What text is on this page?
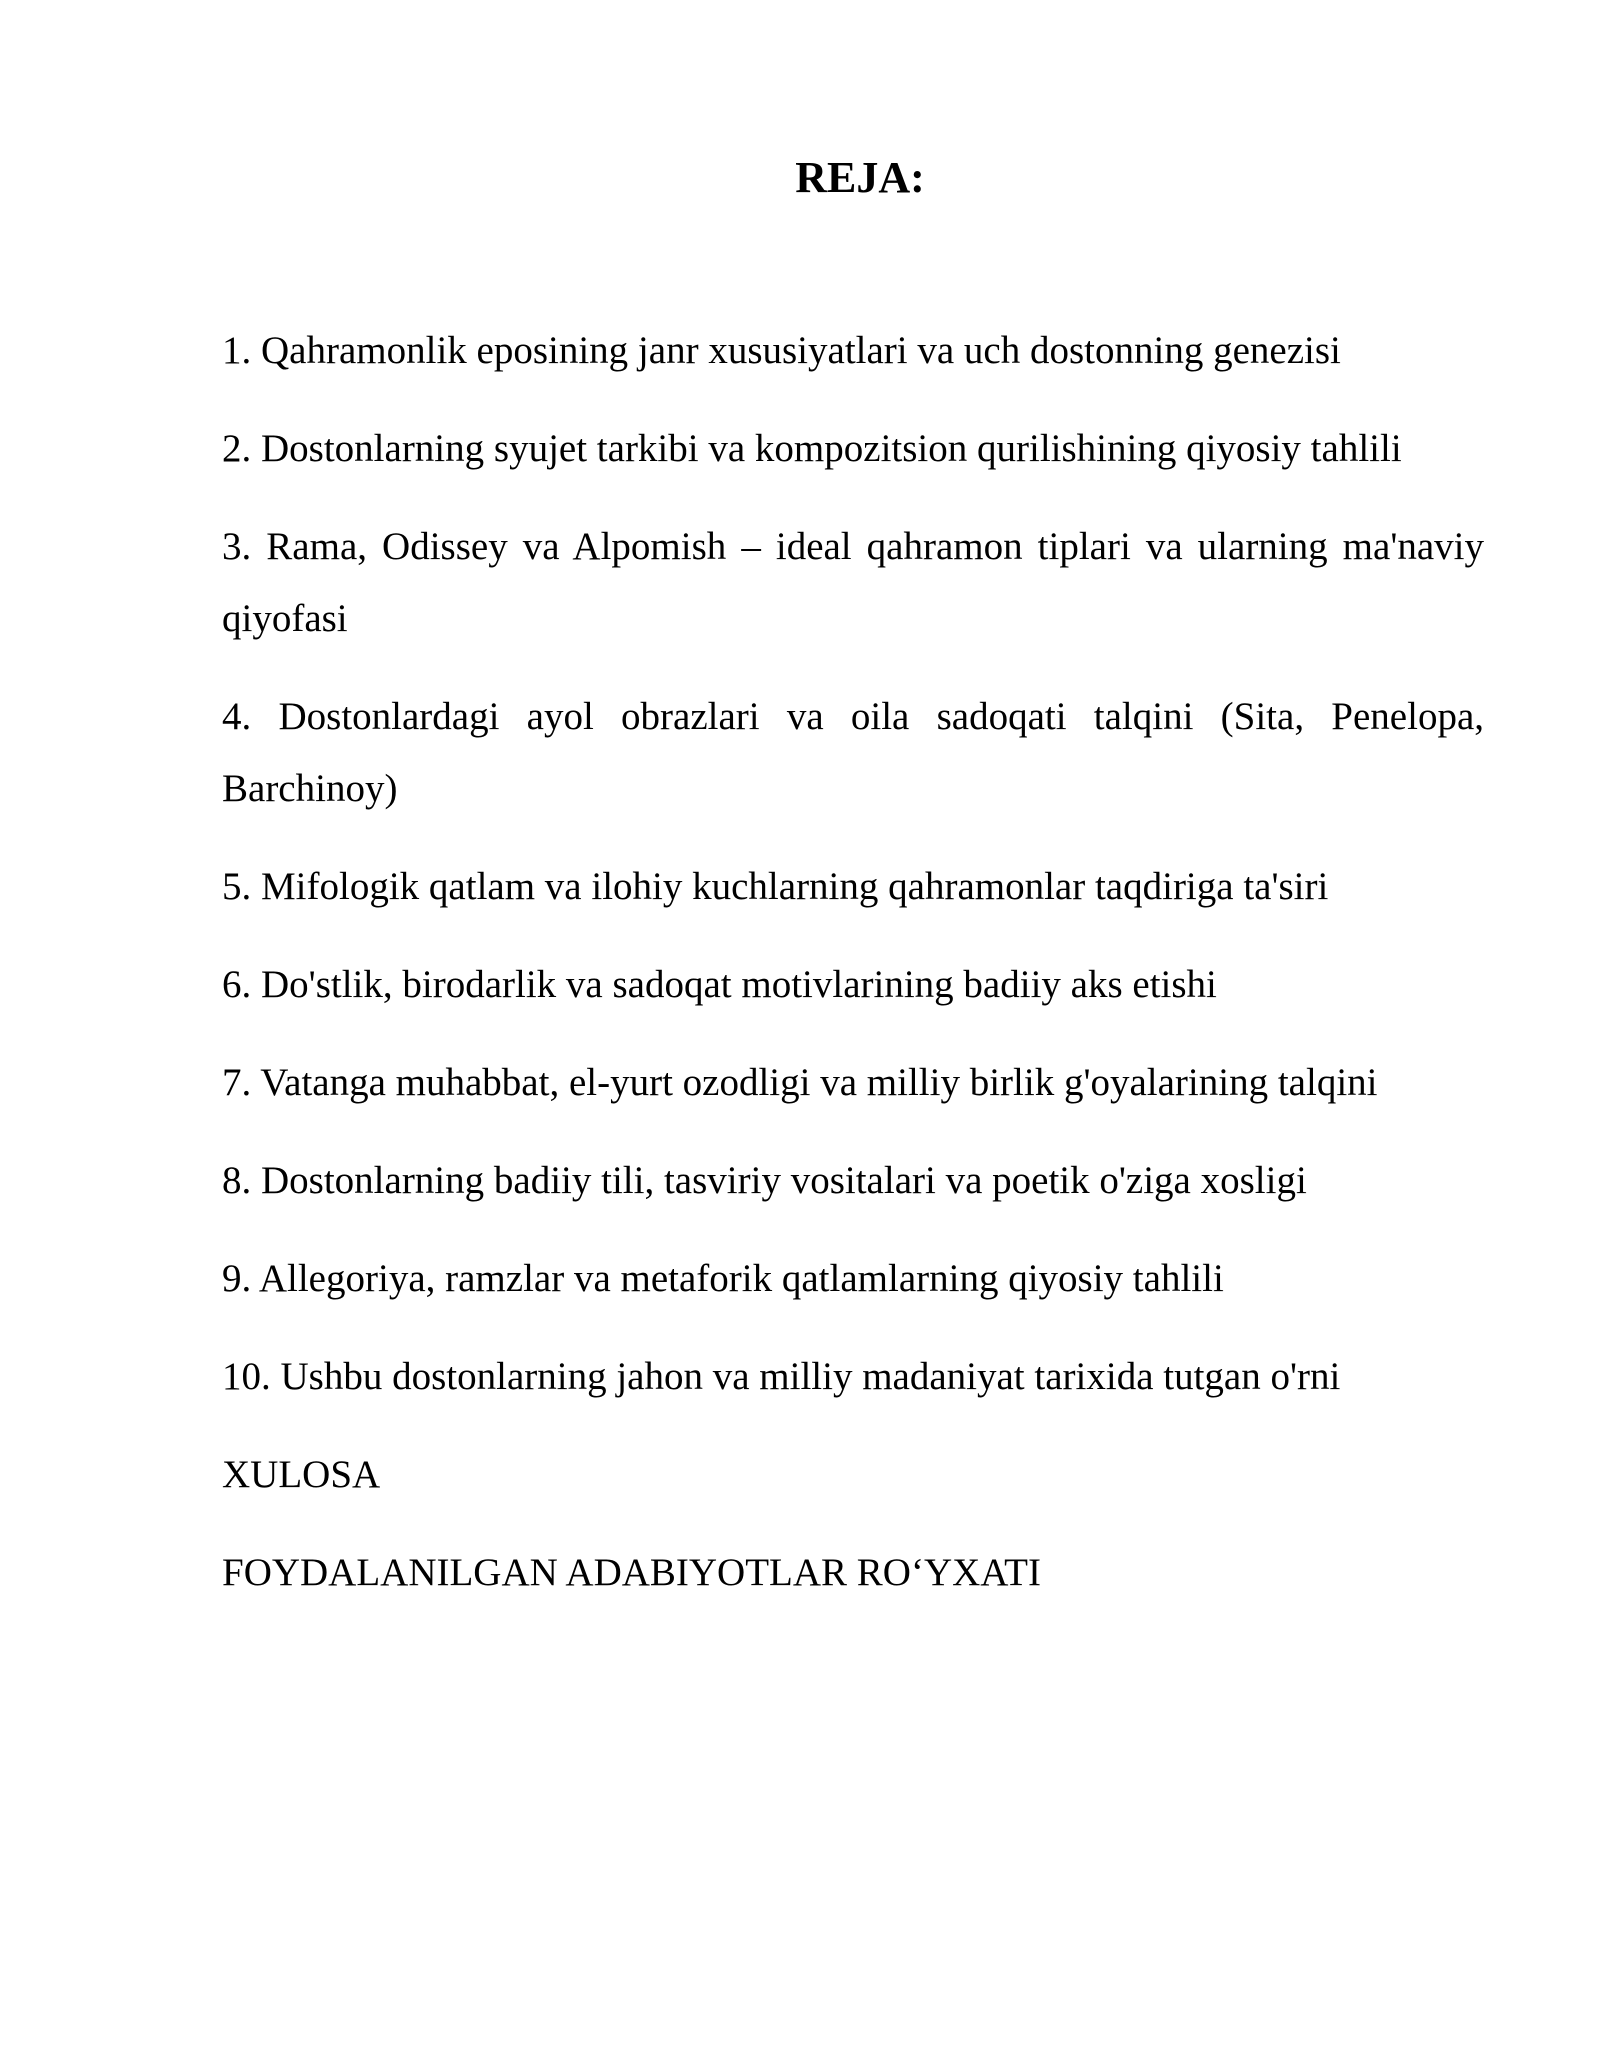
REJA:

1. Qahramonlik eposining janr xususiyatlari va uch dostonning genezisi

2. Dostonlarning syujet tarkibi va kompozitsion qurilishining qiyosiy tahlili

3. Rama, Odissey va Alpomish – ideal qahramon tiplari va ularning ma'naviy qiyofasi

4. Dostonlardagi ayol obrazlari va oila sadoqati talqini (Sita, Penelopa, Barchinoy)

5. Mifologik qatlam va ilohiy kuchlarning qahramonlar taqdiriga ta'siri

6. Do'stlik, birodarlik va sadoqat motivlarining badiiy aks etishi

7. Vatanga muhabbat, el-yurt ozodligi va milliy birlik g'oyalarining talqini

8. Dostonlarning badiiy tili, tasviriy vositalari va poetik o'ziga xosligi

9. Allegoriya, ramzlar va metaforik qatlamlarning qiyosiy tahlili

10. Ushbu dostonlarning jahon va milliy madaniyat tarixida tutgan o'rni

XULOSA

FOYDALANILGAN ADABIYOTLAR RO‘YXATI
